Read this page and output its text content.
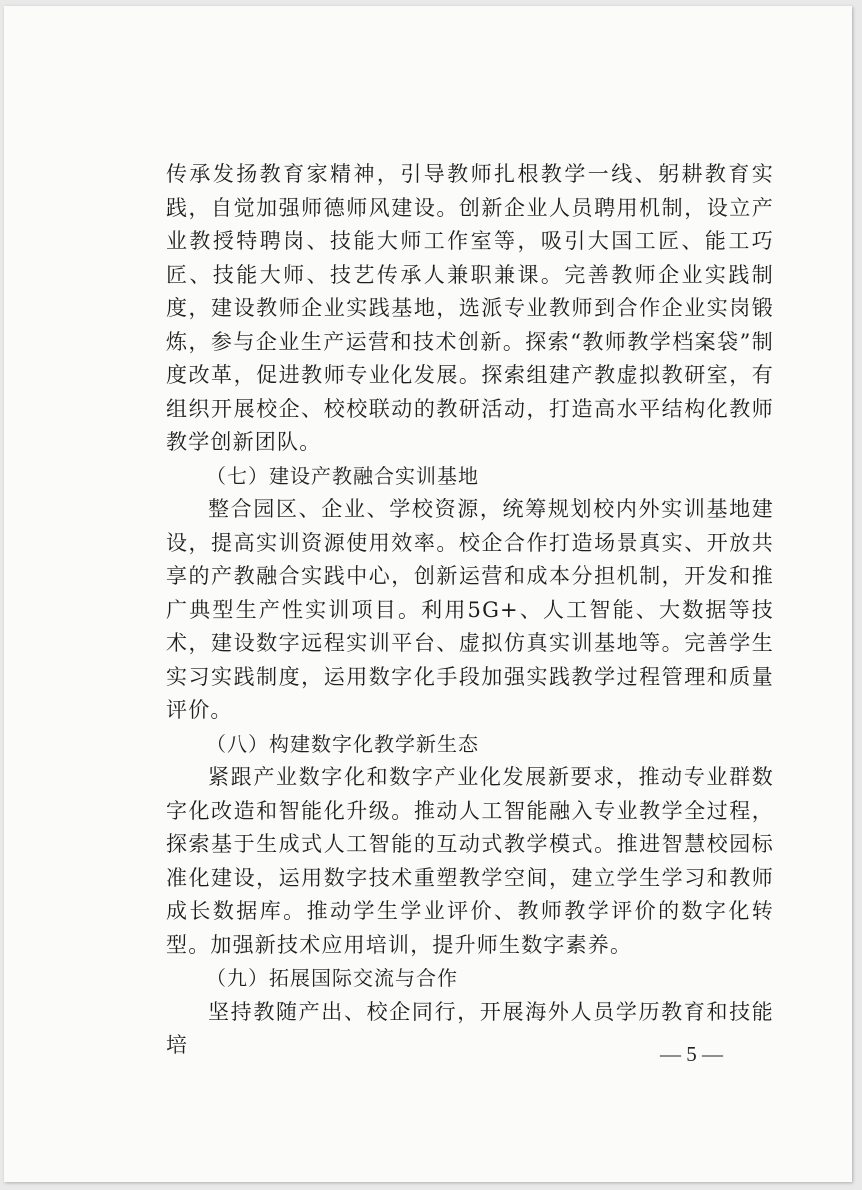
传承发扬教育家精神，引导教师扎根教学一线、躬耕教育实践，自觉加强师德师风建设。创新企业人员聘用机制，设立产业教授特聘岗、技能大师工作室等，吸引大国工匠、能工巧匠、技能大师、技艺传承人兼职兼课。完善教师企业实践制度，建设教师企业实践基地，选派专业教师到合作企业实岗锻炼，参与企业生产运营和技术创新。探索“教师教学档案袋”制度改革，促进教师专业化发展。探索组建产教虚拟教研室，有组织开展校企、校校联动的教研活动，打造高水平结构化教师教学创新团队。

（七）建设产教融合实训基地

整合园区、企业、学校资源，统筹规划校内外实训基地建设，提高实训资源使用效率。校企合作打造场景真实、开放共享的产教融合实践中心，创新运营和成本分担机制，开发和推广典型生产性实训项目。利用5G+、人工智能、大数据等技术，建设数字远程实训平台、虚拟仿真实训基地等。完善学生实习实践制度，运用数字化手段加强实践教学过程管理和质量评价。

（八）构建数字化教学新生态

紧跟产业数字化和数字产业化发展新要求，推动专业群数字化改造和智能化升级。推动人工智能融入专业教学全过程，探索基于生成式人工智能的互动式教学模式。推进智慧校园标准化建设，运用数字技术重塑教学空间，建立学生学习和教师成长数据库。推动学生学业评价、教师教学评价的数字化转型。加强新技术应用培训，提升师生数字素养。

（九）拓展国际交流与合作

坚持教随产出、校企同行，开展海外人员学历教育和技能培	— 5 —
